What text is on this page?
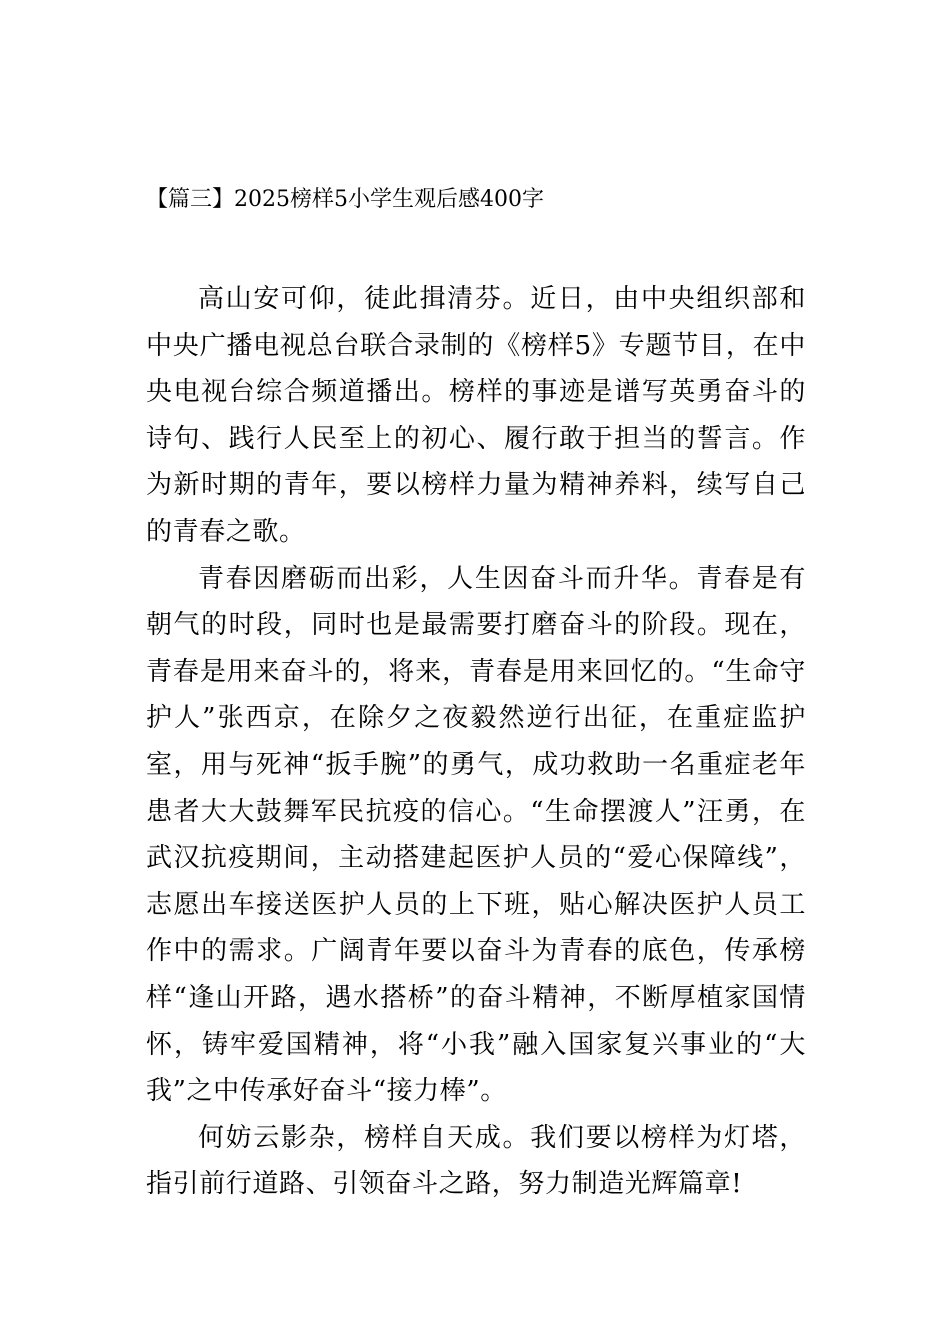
【篇三】2025榜样5小学生观后感400字

高山安可仰，徒此揖清芬。近日，由中央组织部和中央广播电视总台联合录制的《榜样5》专题节目，在中央电视台综合频道播出。榜样的事迹是谱写英勇奋斗的诗句、践行人民至上的初心、履行敢于担当的誓言。作为新时期的青年，要以榜样力量为精神养料，续写自己的青春之歌。

青春因磨砺而出彩，人生因奋斗而升华。青春是有朝气的时段，同时也是最需要打磨奋斗的阶段。现在，青春是用来奋斗的，将来，青春是用来回忆的。“生命守护人”张西京，在除夕之夜毅然逆行出征，在重症监护室，用与死神“扳手腕”的勇气，成功救助一名重症老年患者大大鼓舞军民抗疫的信心。“生命摆渡人”汪勇，在武汉抗疫期间，主动搭建起医护人员的“爱心保障线”，志愿出车接送医护人员的上下班，贴心解决医护人员工作中的需求。广阔青年要以奋斗为青春的底色，传承榜样“逢山开路，遇水搭桥”的奋斗精神，不断厚植家国情怀，铸牢爱国精神，将“小我”融入国家复兴事业的“大我”之中传承好奋斗“接力棒”。

何妨云影杂，榜样自天成。我们要以榜样为灯塔，指引前行道路、引领奋斗之路，努力制造光辉篇章!
